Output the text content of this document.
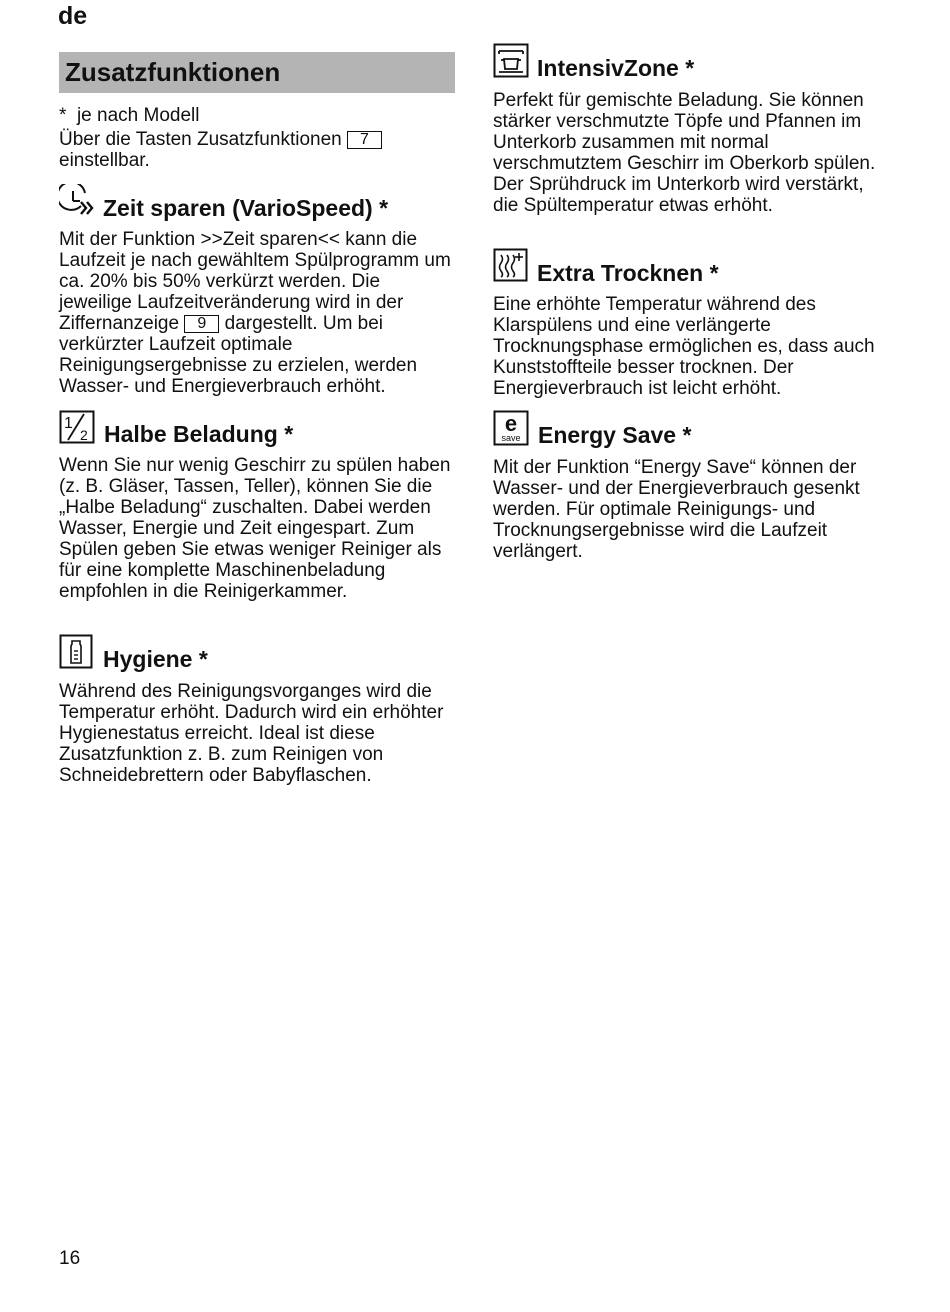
de
Zusatzfunktionen
*  je nach Modell
Über die Tasten Zusatzfunktionen 7
einstellbar.
Zeit sparen (VarioSpeed) *
Mit der Funktion >>Zeit sparen<< kann die Laufzeit je nach gewähltem Spülprogramm um ca. 20% bis 50% verkürzt werden. Die jeweilige Laufzeitveränderung wird in der Ziffernanzeige 9 dargestellt. Um bei verkürzter Laufzeit optimale Reinigungsergebnisse zu erzielen, werden Wasser- und Energieverbrauch erhöht.
1
2 Halbe Beladung *
Wenn Sie nur wenig Geschirr zu spülen haben (z. B. Gläser, Tassen, Teller), können Sie die „Halbe Beladung“ zuschalten. Dabei werden Wasser, Energie und Zeit eingespart. Zum Spülen geben Sie etwas weniger Reiniger als für eine komplette Maschinenbeladung empfohlen in die Reinigerkammer.
Hygiene *
Während des Reinigungsvorganges wird die Temperatur erhöht. Dadurch wird ein erhöhter Hygienestatus erreicht. Ideal ist diese Zusatzfunktion z. B. zum Reinigen von Schneidebrettern oder Babyflaschen.
IntensivZone *
Perfekt für gemischte Beladung. Sie können stärker verschmutzte Töpfe und Pfannen im Unterkorb zusammen mit normal verschmutztem Geschirr im Oberkorb spülen. Der Sprühdruck im Unterkorb wird verstärkt, die Spültemperatur etwas erhöht.
Extra Trocknen *
Eine erhöhte Temperatur während des Klarspülens und eine verlängerte Trocknungsphase ermöglichen es, dass auch Kunststoffteile besser trocknen. Der Energieverbrauch ist leicht erhöht.
e
save Energy Save *
Mit der Funktion “Energy Save“ können der Wasser- und der Energieverbrauch gesenkt werden. Für optimale Reinigungs- und Trocknungsergebnisse wird die Laufzeit verlängert.
16
